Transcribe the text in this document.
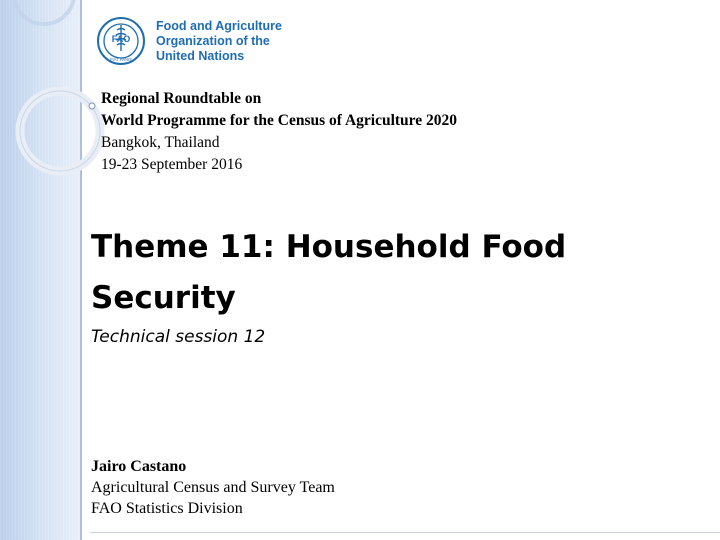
FAO
FIAT PANIS
Food and Agriculture
Organization of the
United Nations
Regional Roundtable on
World Programme for the Census of Agriculture 2020
Bangkok, Thailand
19-23 September 2016
Theme 11: Household Food Security

Technical session 12

Jairo Castano
Agricultural Census and Survey Team
FAO Statistics Division
